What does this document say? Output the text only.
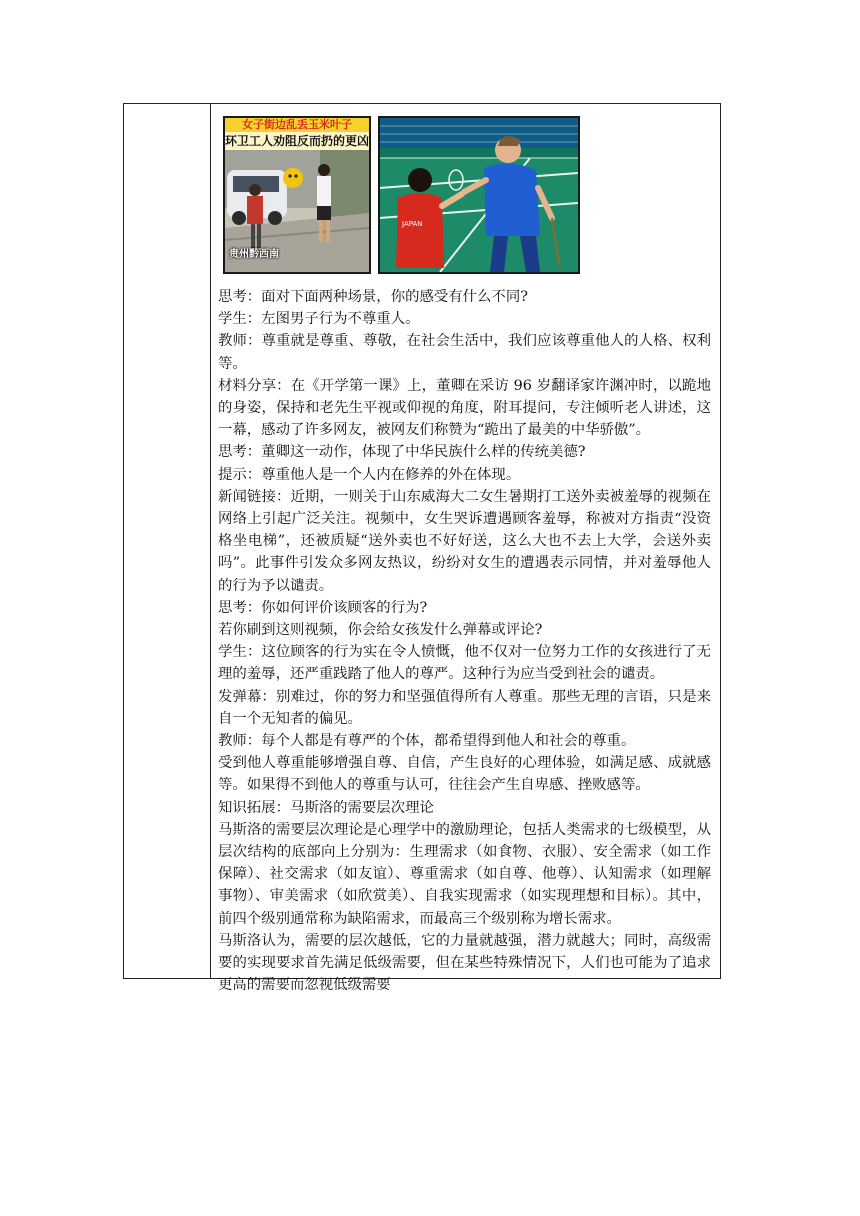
女子街边乱丢玉米叶子
环卫工人劝阻反而扔的更凶
贵州黔西南
JAPAN

思考：面对下面两种场景，你的感受有什么不同?

学生：左图男子行为不尊重人。

教师：尊重就是尊重、尊敬，在社会生活中，我们应该尊重他人的人格、权利等。

材料分享：在《开学第一课》上，董卿在采访 96 岁翻译家许渊冲时，以跪地的身姿，保持和老先生平视或仰视的角度，附耳提问，专注倾听老人讲述，这一幕，感动了许多网友，被网友们称赞为“跪出了最美的中华骄傲”。

思考：董卿这一动作，体现了中华民族什么样的传统美德?

提示：尊重他人是一个人内在修养的外在体现。

新闻链接：近期，一则关于山东威海大二女生暑期打工送外卖被羞辱的视频在网络上引起广泛关注。视频中，女生哭诉遭遇顾客羞辱，称被对方指责“没资格坐电梯”，还被质疑“送外卖也不好好送，这么大也不去上大学，会送外卖吗”。此事件引发众多网友热议，纷纷对女生的遭遇表示同情，并对羞辱他人的行为予以谴责。

思考：你如何评价该顾客的行为?

若你刷到这则视频，你会给女孩发什么弹幕或评论?

学生：这位顾客的行为实在令人愤慨，他不仅对一位努力工作的女孩进行了无理的羞辱，还严重践踏了他人的尊严。这种行为应当受到社会的谴责。

发弹幕：别难过，你的努力和坚强值得所有人尊重。那些无理的言语，只是来自一个无知者的偏见。

教师：每个人都是有尊严的个体，都希望得到他人和社会的尊重。

受到他人尊重能够增强自尊、自信，产生良好的心理体验，如满足感、成就感等。如果得不到他人的尊重与认可，往往会产生自卑感、挫败感等。

知识拓展：马斯洛的需要层次理论

马斯洛的需要层次理论是心理学中的激励理论，包括人类需求的七级模型，从层次结构的底部向上分别为：生理需求（如食物、衣服）、安全需求（如工作保障）、社交需求（如友谊）、尊重需求（如自尊、他尊）、认知需求（如理解事物）、审美需求（如欣赏美）、自我实现需求（如实现理想和目标）。其中，前四个级别通常称为缺陷需求，而最高三个级别称为增长需求。

马斯洛认为，需要的层次越低，它的力量就越强，潜力就越大；同时，高级需要的实现要求首先满足低级需要，但在某些特殊情况下，人们也可能为了追求更高的需要而忽视低级需要
